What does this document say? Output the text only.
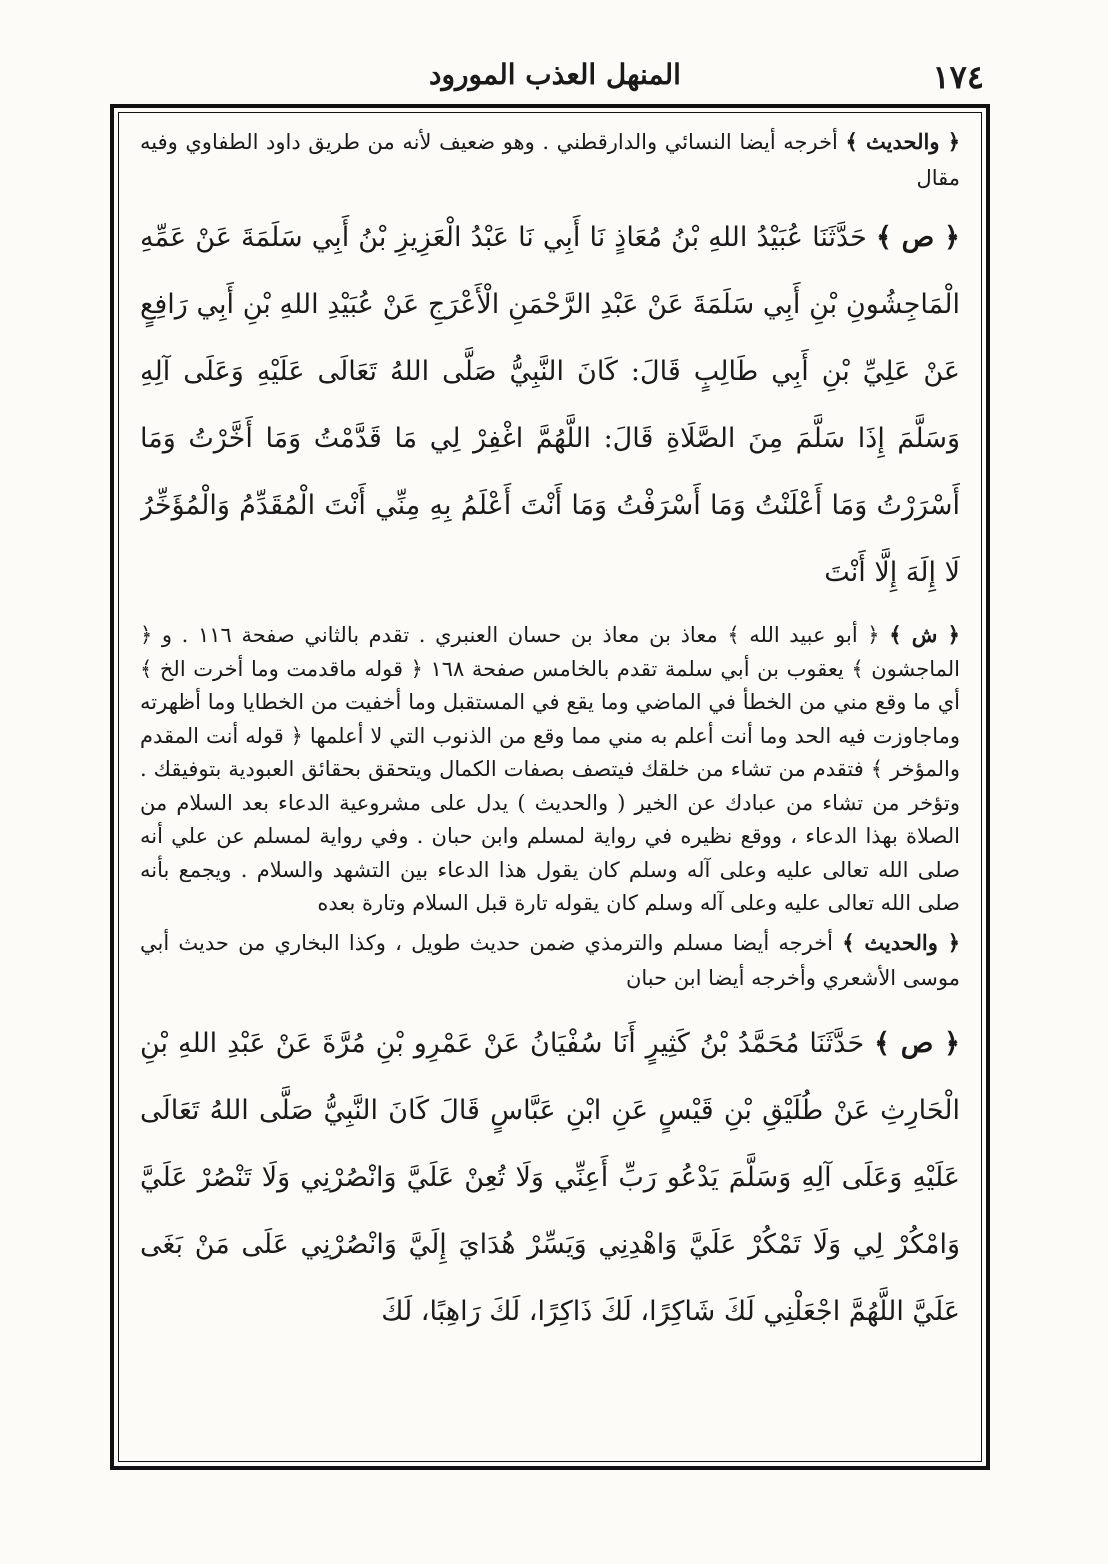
١٧٤
المنهل العذب المورود

﴿ والحديث ﴾ أخرجه أيضا النسائي والدارقطني . وهو ضعيف لأنه من طريق داود الطفاوي وفيه مقال

﴿ ص ﴾ حَدَّثَنَا عُبَيْدُ اللهِ بْنُ مُعَاذٍ نَا أَبِي نَا عَبْدُ الْعَزِيزِ بْنُ أَبِي سَلَمَةَ عَنْ عَمِّهِ الْمَاجِشُونِ بْنِ أَبِي سَلَمَةَ عَنْ عَبْدِ الرَّحْمَنِ الْأَعْرَجِ عَنْ عُبَيْدِ اللهِ بْنِ أَبِي رَافِعٍ عَنْ عَلِيِّ بْنِ أَبِي طَالِبٍ قَالَ: كَانَ النَّبِيُّ صَلَّى اللهُ تَعَالَى عَلَيْهِ وَعَلَى آلِهِ وَسَلَّمَ إِذَا سَلَّمَ مِنَ الصَّلَاةِ قَالَ: اللَّهُمَّ اغْفِرْ لِي مَا قَدَّمْتُ وَمَا أَخَّرْتُ وَمَا أَسْرَرْتُ وَمَا أَعْلَنْتُ وَمَا أَسْرَفْتُ وَمَا أَنْتَ أَعْلَمُ بِهِ مِنِّي أَنْتَ الْمُقَدِّمُ وَالْمُؤَخِّرُ لَا إِلَهَ إِلَّا أَنْتَ

﴿ ش ﴾ ﴿ أبو عبيد الله ﴾ معاذ بن معاذ بن حسان العنبري . تقدم بالثاني صفحة ١١٦ . و ﴿ الماجشون ﴾ يعقوب بن أبي سلمة تقدم بالخامس صفحة ١٦٨ ﴿ قوله ماقدمت وما أخرت الخ ﴾ أي ما وقع مني من الخطأ في الماضي وما يقع في المستقبل وما أخفيت من الخطايا وما أظهرته وماجاوزت فيه الحد وما أنت أعلم به مني مما وقع من الذنوب التي لا أعلمها ﴿ قوله أنت المقدم والمؤخر ﴾ فتقدم من تشاء من خلقك فيتصف بصفات الكمال ويتحقق بحقائق العبودية بتوفيقك . وتؤخر من تشاء من عبادك عن الخير ( والحديث ) يدل على مشروعية الدعاء بعد السلام من الصلاة بهذا الدعاء ، ووقع نظيره في رواية لمسلم وابن حبان . وفي رواية لمسلم عن علي أنه صلى الله تعالى عليه وعلى آله وسلم كان يقول هذا الدعاء بين التشهد والسلام . ويجمع بأنه صلى الله تعالى عليه وعلى آله وسلم كان يقوله تارة قبل السلام وتارة بعده

﴿ والحديث ﴾ أخرجه أيضا مسلم والترمذي ضمن حديث طويل ، وكذا البخاري من حديث أبي موسى الأشعري وأخرجه أيضا ابن حبان

﴿ ص ﴾ حَدَّثَنَا مُحَمَّدُ بْنُ كَثِيرٍ أَنَا سُفْيَانُ عَنْ عَمْرِو بْنِ مُرَّةَ عَنْ عَبْدِ اللهِ بْنِ الْحَارِثِ عَنْ طُلَيْقِ بْنِ قَيْسٍ عَنِ ابْنِ عَبَّاسٍ قَالَ كَانَ النَّبِيُّ صَلَّى اللهُ تَعَالَى عَلَيْهِ وَعَلَى آلِهِ وَسَلَّمَ يَدْعُو رَبِّ أَعِنِّي وَلَا تُعِنْ عَلَيَّ وَانْصُرْنِي وَلَا تَنْصُرْ عَلَيَّ وَامْكُرْ لِي وَلَا تَمْكُرْ عَلَيَّ وَاهْدِنِي وَيَسِّرْ هُدَايَ إِلَيَّ وَانْصُرْنِي عَلَى مَنْ بَغَى عَلَيَّ اللَّهُمَّ اجْعَلْنِي لَكَ شَاكِرًا، لَكَ ذَاكِرًا، لَكَ رَاهِبًا، لَكَ
